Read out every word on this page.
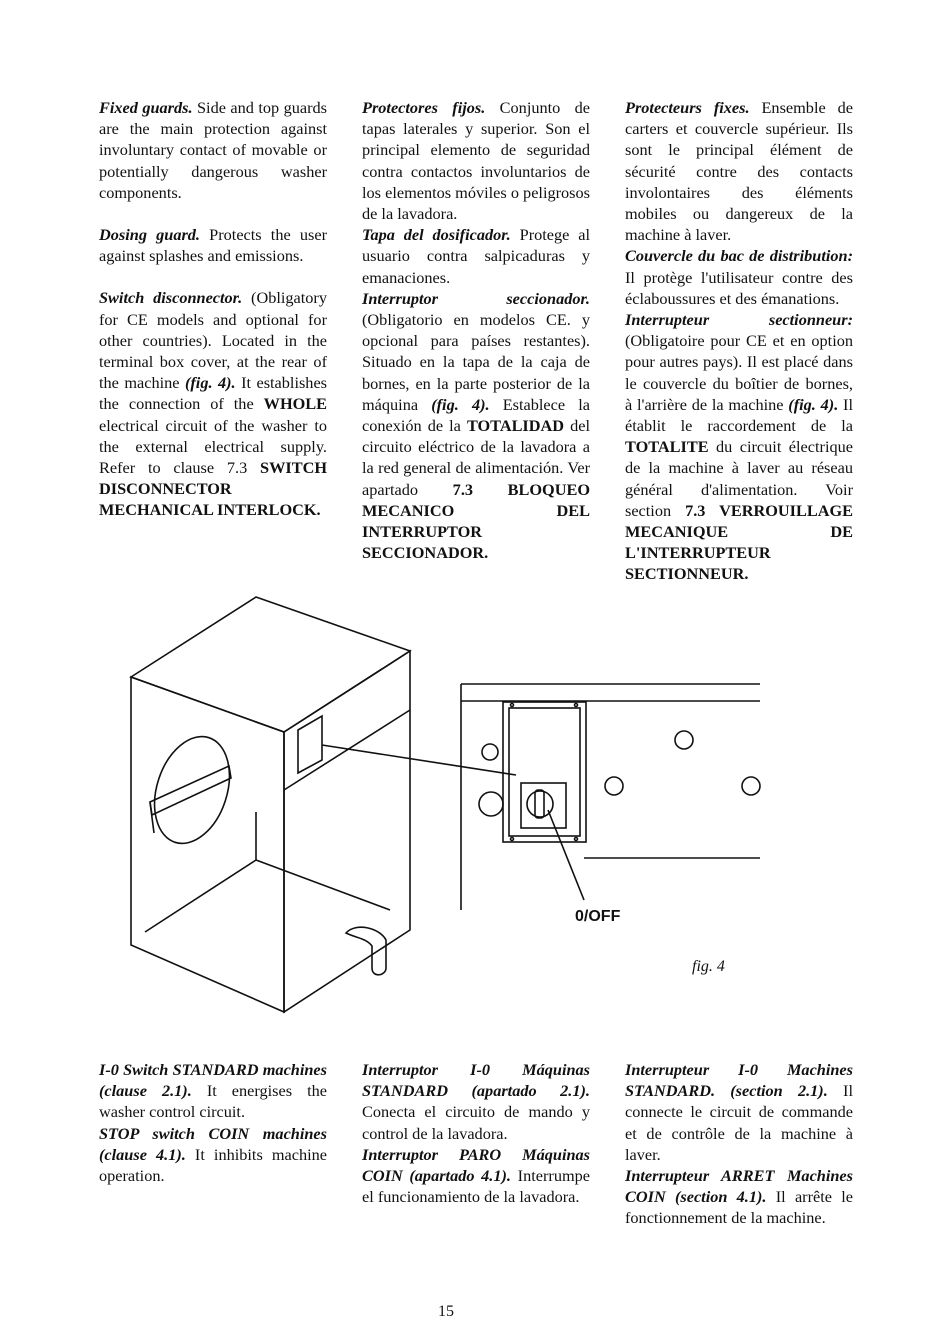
Fixed guards. Side and top guards are the main protection against involuntary contact of movable or potentially dangerous washer components.

Dosing guard. Protects the user against splashes and emissions.

Switch disconnector. (Obligatory for CE models and optional for other countries). Located in the terminal box cover, at the rear of the machine (fig. 4). It establishes the connection of the WHOLE electrical circuit of the washer to the external electrical supply. Refer to clause 7.3 SWITCH DISCONNECTOR MECHANICAL INTERLOCK.

Protectores fijos. Conjunto de tapas laterales y superior. Son el principal elemento de seguridad contra contactos involuntarios de los elementos móviles o peligrosos de la lavadora.

Tapa del dosificador. Protege al usuario contra salpicaduras y emanaciones.

Interruptor seccionador. (Obligatorio en modelos CE. y opcional para países restantes). Situado en la tapa de la caja de bornes, en la parte posterior de la máquina (fig. 4). Establece la conexión de la TOTALIDAD del circuito eléctrico de la lavadora a la red general de alimentación. Ver apartado 7.3 BLOQUEO MECANICO DEL INTERRUPTOR SECCIONADOR.

Protecteurs fixes. Ensemble de carters et couvercle supérieur. Ils sont le principal élément de sécurité contre des contacts involontaires des éléments mobiles ou dangereux de la machine à laver.

Couvercle du bac de distribution: Il protège l'utilisateur contre des éclaboussures et des émanations.

Interrupteur sectionneur: (Obligatoire pour CE et en option pour autres pays). Il est placé dans le couvercle du boîtier de bornes, à l'arrière de la machine (fig. 4). Il établit le raccordement de la TOTALITE du circuit électrique de la machine à laver au réseau général d'alimentation. Voir section 7.3 VERROUILLAGE MECANIQUE DE L'INTERRUPTEUR SECTIONNEUR.

0/OFF
fig. 4

I-0 Switch STANDARD machines (clause 2.1). It energises the washer control circuit.

STOP switch COIN machines (clause 4.1). It inhibits machine operation.

Interruptor I-0 Máquinas STANDARD (apartado 2.1). Conecta el circuito de mando y control de la lavadora.

Interruptor PARO Máquinas COIN (apartado 4.1). Interrumpe el funcionamiento de la lavadora.

Interrupteur I-0 Machines STANDARD. (section 2.1). Il connecte le circuit de commande et de contrôle de la machine à laver.

Interrupteur ARRET Machines COIN (section 4.1). Il arrête le fonctionnement de la machine.

15
